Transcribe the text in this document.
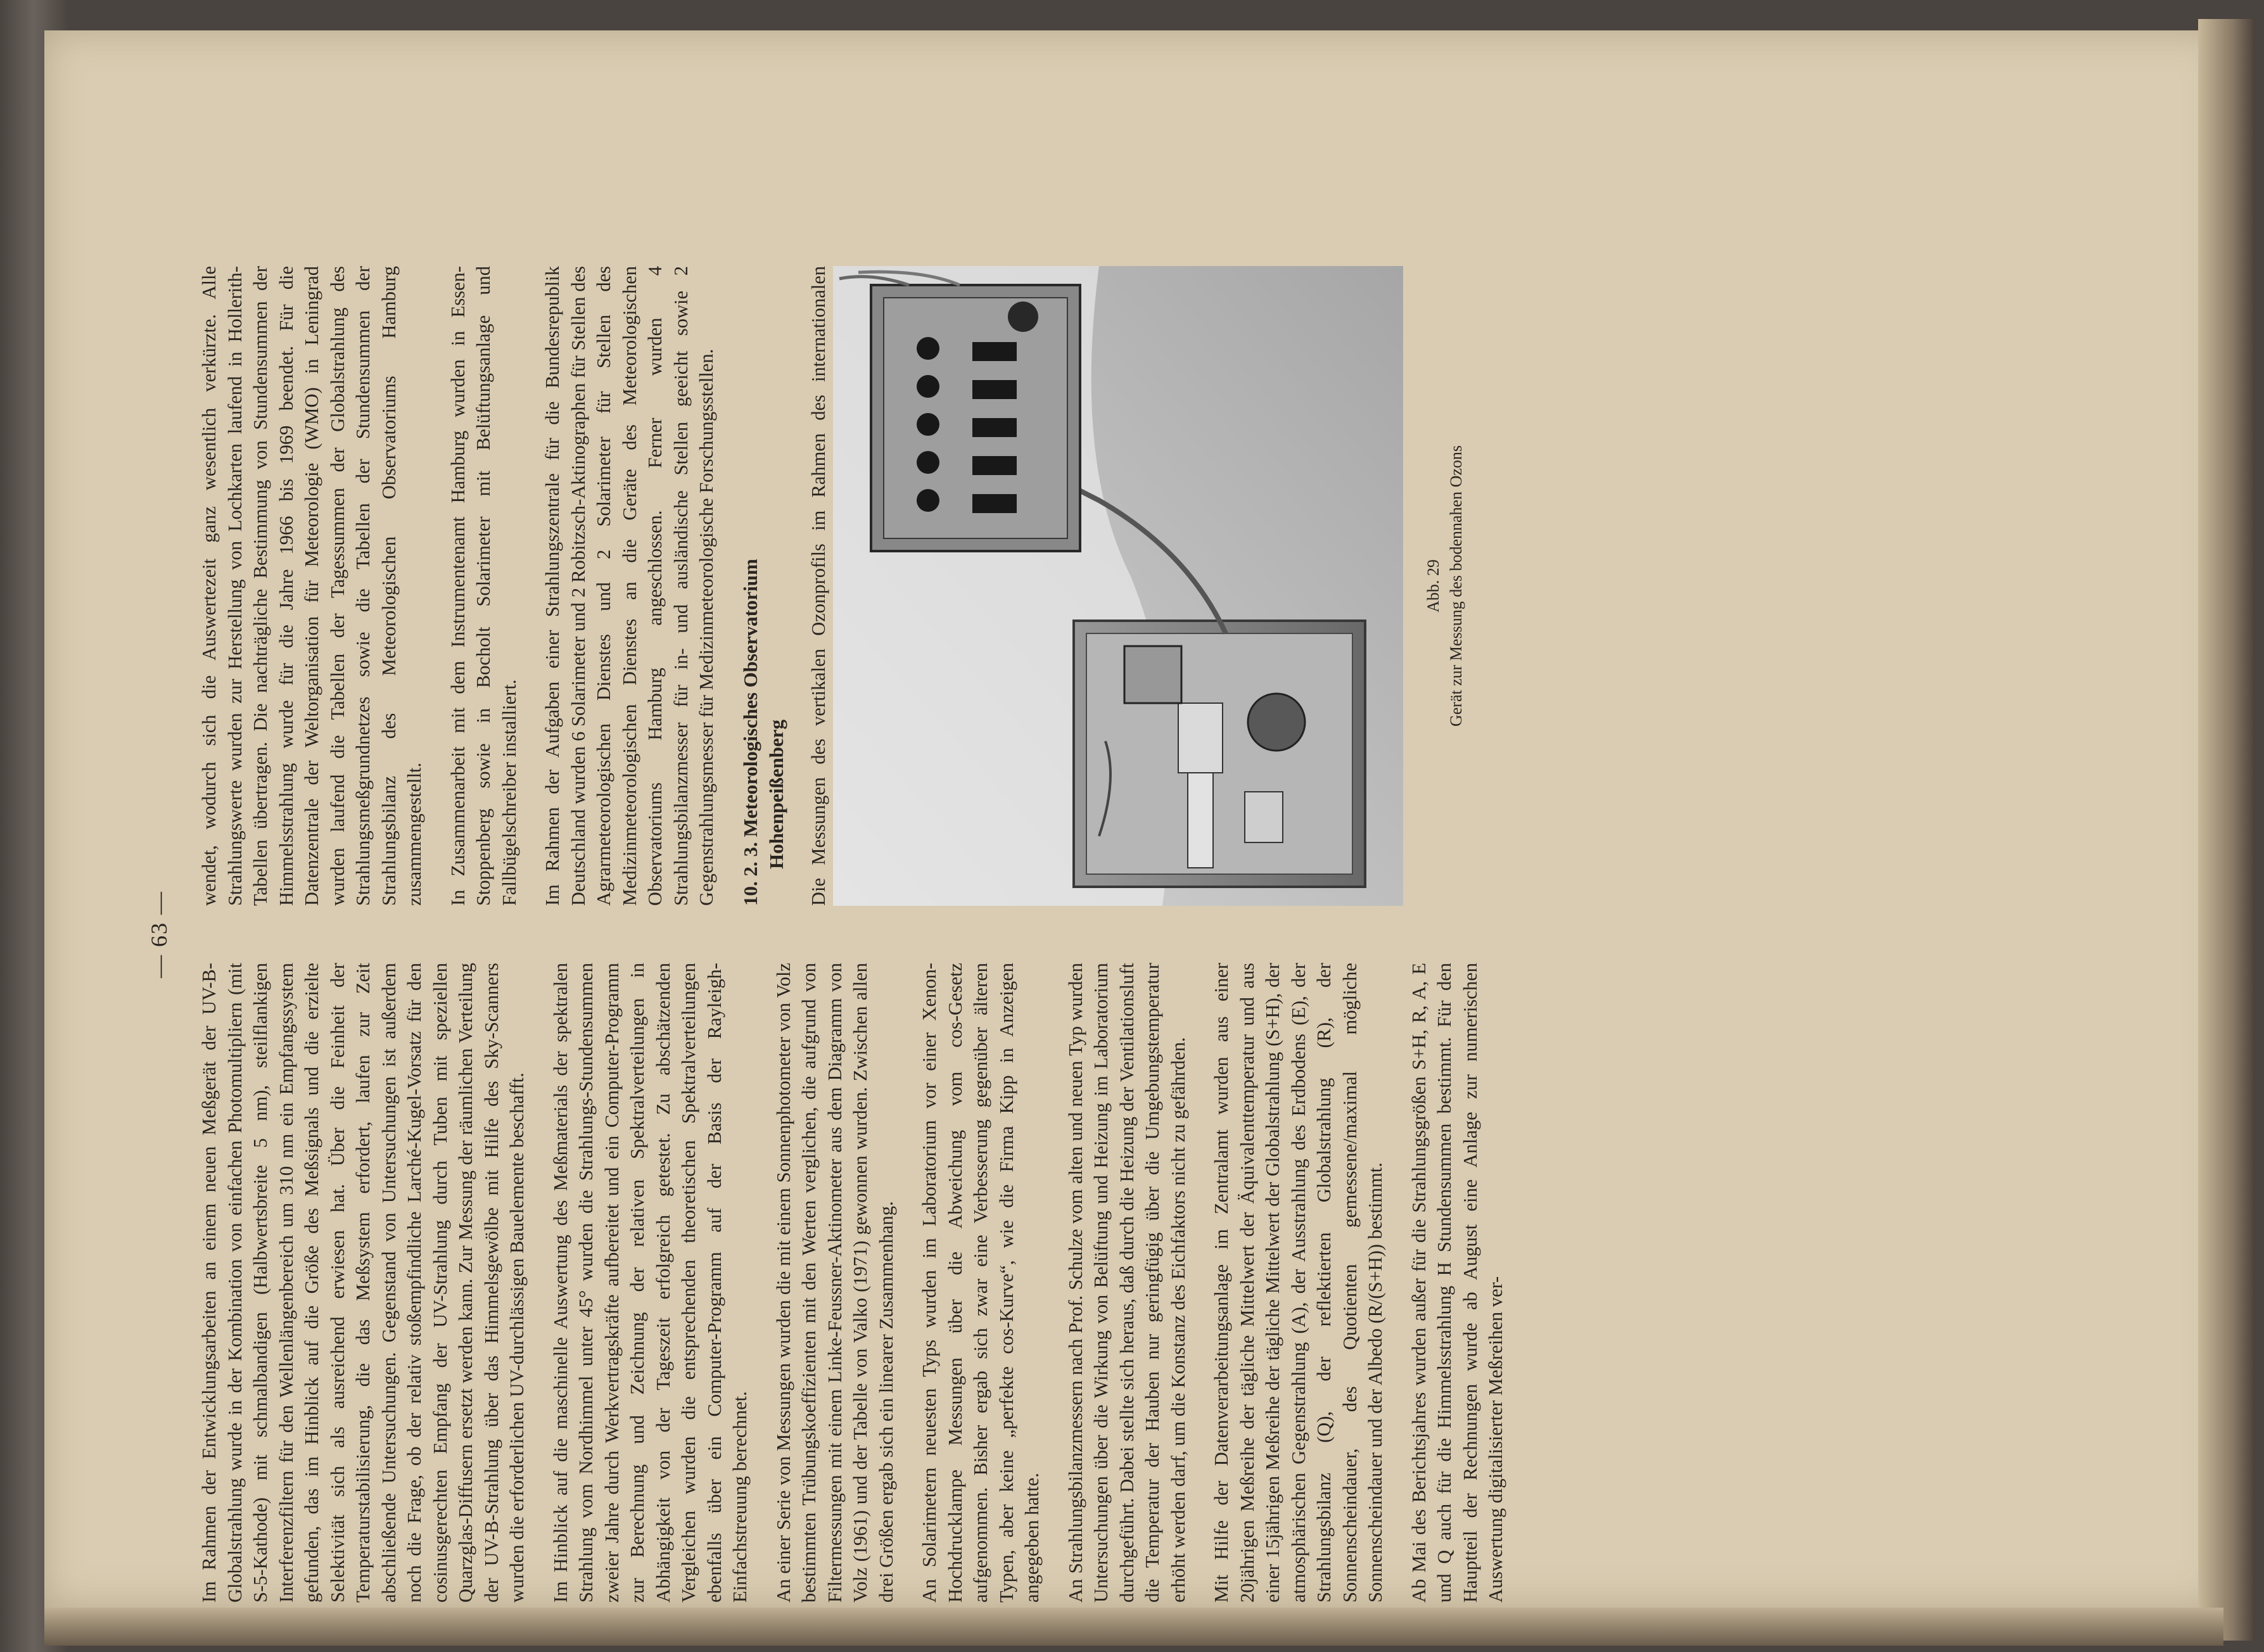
— 63 —

Im Rahmen der Entwicklungsarbeiten an einem neuen Meßgerät der UV-B-Globalstrahlung wurde in der Kombination von einfachen Photomultipliern (mit S-5-Kathode) mit schmalbandigen (Halbwertsbreite 5 nm), steilflankigen Interferenzfiltern für den Wellenlängenbereich um 310 nm ein Empfangssystem gefunden, das im Hinblick auf die Größe des Meßsignals und die erzielte Selektivität sich als ausreichend erwiesen hat. Über die Feinheit der Temperaturstabilisierung, die das Meßsystem erfordert, laufen zur Zeit abschließende Untersuchungen. Gegenstand von Untersuchungen ist außerdem noch die Frage, ob der relativ stoßempfindliche Larché-Kugel-Vorsatz für den cosinusgerechten Empfang der UV-Strahlung durch Tuben mit speziellen Quarzglas-Diffusern ersetzt werden kann. Zur Messung der räumlichen Verteilung der UV-B-Strahlung über das Himmelsgewölbe mit Hilfe des Sky-Scanners wurden die erforderlichen UV-durchlässigen Bauelemente beschafft. Im Hinblick auf die maschinelle Auswertung des Meßmaterials der spektralen Strahlung vom Nordhimmel unter 45° wurden die Strahlungs-Stundensummen zweier Jahre durch Werkvertragskräfte aufbereitet und ein Computer-Programm zur Berechnung und Zeichnung der relativen Spektralverteilungen in Abhängigkeit von der Tageszeit erfolgreich getestet. Zu abschätzenden Vergleichen wurden die entsprechenden theoretischen Spektralverteilungen ebenfalls über ein Computer-Programm auf der Basis der Rayleigh-Einfachstreuung berechnet. An einer Serie von Messungen wurden die mit einem Sonnenphotometer von Volz bestimmten Trübungskoeffizienten mit den Werten verglichen, die aufgrund von Filtermessungen mit einem Linke-Feussner-Aktinometer aus dem Diagramm von Volz (1961) und der Tabelle von Valko (1971) gewonnen wurden. Zwischen allen drei Größen ergab sich ein linearer Zusammenhang. An Solarimetern neuesten Typs wurden im Laboratorium vor einer Xenon-Hochdrucklampe Messungen über die Abweichung vom cos-Gesetz aufgenommen. Bisher ergab sich zwar eine Verbesserung gegenüber älteren Typen, aber keine „perfekte cos-Kurve“, wie die Firma Kipp in Anzeigen angegeben hatte. An Strahlungsbilanzmessern nach Prof. Schulze vom alten und neuen Typ wurden Untersuchungen über die Wirkung von Belüftung und Heizung im Laboratorium durchgeführt. Dabei stellte sich heraus, daß durch die Heizung der Ventilationsluft die Temperatur der Hauben nur geringfügig über die Umgebungstemperatur erhöht werden darf, um die Konstanz des Eichfaktors nicht zu gefährden. Mit Hilfe der Datenverarbeitungsanlage im Zentralamt wurden aus einer 20jährigen Meßreihe der tägliche Mittelwert der Äquivalenttemperatur und aus einer 15jährigen Meßreihe der tägliche Mittelwert der Globalstrahlung (S+H), der atmosphärischen Gegenstrahlung (A), der Ausstrahlung des Erdbodens (E), der Strahlungsbilanz (Q), der reflektierten Globalstrahlung (R), der Sonnenscheindauer, des Quotienten gemessene/maximal mögliche Sonnenscheindauer und der Albedo (R/(S+H)) bestimmt. Ab Mai des Berichtsjahres wurden außer für die Strahlungsgrößen S+H, R, A, E und Q auch für die Himmelsstrahlung H Stundensummen bestimmt. Für den Hauptteil der Rechnungen wurde ab August eine Anlage zur numerischen Auswertung digitalisierter Meßreihen ver-

wendet, wodurch sich die Auswertezeit ganz wesentlich verkürzte. Alle Strahlungswerte wurden zur Herstellung von Lochkarten laufend in Hollerith-Tabellen übertragen. Die nachträgliche Bestimmung von Stundensummen der Himmelsstrahlung wurde für die Jahre 1966 bis 1969 beendet. Für die Datenzentrale der Weltorganisation für Meteorologie (WMO) in Leningrad wurden laufend die Tabellen der Tagessummen der Globalstrahlung des Strahlungsmeßgrundnetzes sowie die Tabellen der Stundensummen der Strahlungsbilanz des Meteorologischen Observatoriums Hamburg zusammengestellt. In Zusammenarbeit mit dem Instrumentenamt Hamburg wurden in Essen-Stoppenberg sowie in Bocholt Solarimeter mit Belüftungsanlage und Fallbügelschreiber installiert. Im Rahmen der Aufgaben einer Strahlungszentrale für die Bundesrepublik Deutschland wurden 6 Solarimeter und 2 Robitzsch-Aktinographen für Stellen des Agrarmeteorologischen Dienstes und 2 Solarimeter für Stellen des Medizinmeteorologischen Dienstes an die Geräte des Meteorologischen Observatoriums Hamburg angeschlossen. Ferner wurden 4 Strahlungsbilanzmesser für in- und ausländische Stellen geeicht sowie 2 Gegenstrahlungsmesser für Medizinmeteorologische Forschungsstellen. 10. 2. 3. Meteorologisches Observatorium Hohenpeißenberg

Die Messungen des vertikalen Ozonprofils im Rahmen des internationalen

Abb. 29 Gerät zur Messung des bodennahen Ozons
